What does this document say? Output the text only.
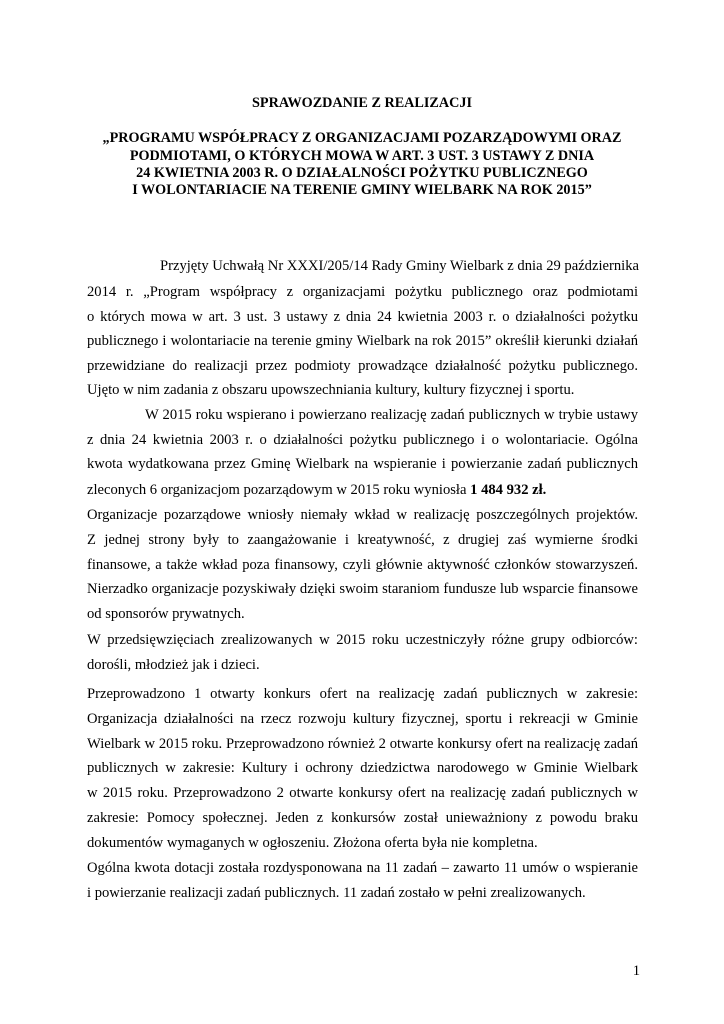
SPRAWOZDANIE Z REALIZACJI
„PROGRAMU WSPÓŁPRACY Z ORGANIZACJAMI POZARZĄDOWYMI ORAZ
PODMIOTAMI, O KTÓRYCH MOWA W ART. 3 UST. 3 USTAWY Z DNIA
24 KWIETNIA 2003 R. O DZIAŁALNOŚCI POŻYTKU PUBLICZNEGO
I WOLONTARIACIE NA TERENIE GMINY WIELBARK NA ROK 2015”
Przyjęty Uchwałą Nr XXXI/205/14 Rady Gminy Wielbark z dnia 29 października
2014 r. „Program współpracy z organizacjami pożytku publicznego oraz podmiotami
o których mowa w art. 3 ust. 3 ustawy z dnia 24 kwietnia 2003 r. o działalności pożytku
publicznego i wolontariacie na terenie gminy Wielbark na rok 2015” określił kierunki działań
przewidziane do realizacji przez podmioty prowadzące działalność pożytku publicznego.
Ujęto w nim zadania z obszaru upowszechniania kultury, kultury fizycznej i sportu.
W 2015 roku wspierano i powierzano realizację zadań publicznych w trybie ustawy
z dnia 24 kwietnia 2003 r. o działalności pożytku publicznego i o wolontariacie. Ogólna
kwota wydatkowana przez Gminę Wielbark na wspieranie i powierzanie zadań publicznych
zleconych 6 organizacjom pozarządowym w 2015 roku wyniosła 1 484 932 zł.
Organizacje pozarządowe wniosły niemały wkład w realizację poszczególnych projektów.
Z jednej strony były to zaangażowanie i kreatywność, z drugiej zaś wymierne środki
finansowe, a także wkład poza finansowy, czyli głównie aktywność członków stowarzyszeń.
Nierzadko organizacje pozyskiwały dzięki swoim staraniom fundusze lub wsparcie finansowe
od sponsorów prywatnych.
W przedsięwzięciach zrealizowanych w 2015 roku uczestniczyły różne grupy odbiorców:
dorośli, młodzież jak i dzieci.
Przeprowadzono 1 otwarty konkurs ofert na realizację zadań publicznych w zakresie:
Organizacja działalności na rzecz rozwoju kultury fizycznej, sportu i rekreacji w Gminie
Wielbark w 2015 roku. Przeprowadzono również 2 otwarte konkursy ofert na realizację zadań
publicznych w zakresie: Kultury i ochrony dziedzictwa narodowego w Gminie Wielbark
w 2015 roku. Przeprowadzono 2 otwarte konkursy ofert na realizację zadań publicznych w
zakresie: Pomocy społecznej. Jeden z konkursów został unieważniony z powodu braku
dokumentów wymaganych w ogłoszeniu. Złożona oferta była nie kompletna.
Ogólna kwota dotacji została rozdysponowana na 11 zadań – zawarto 11 umów o wspieranie
i powierzanie realizacji zadań publicznych. 11 zadań zostało w pełni zrealizowanych.
1
